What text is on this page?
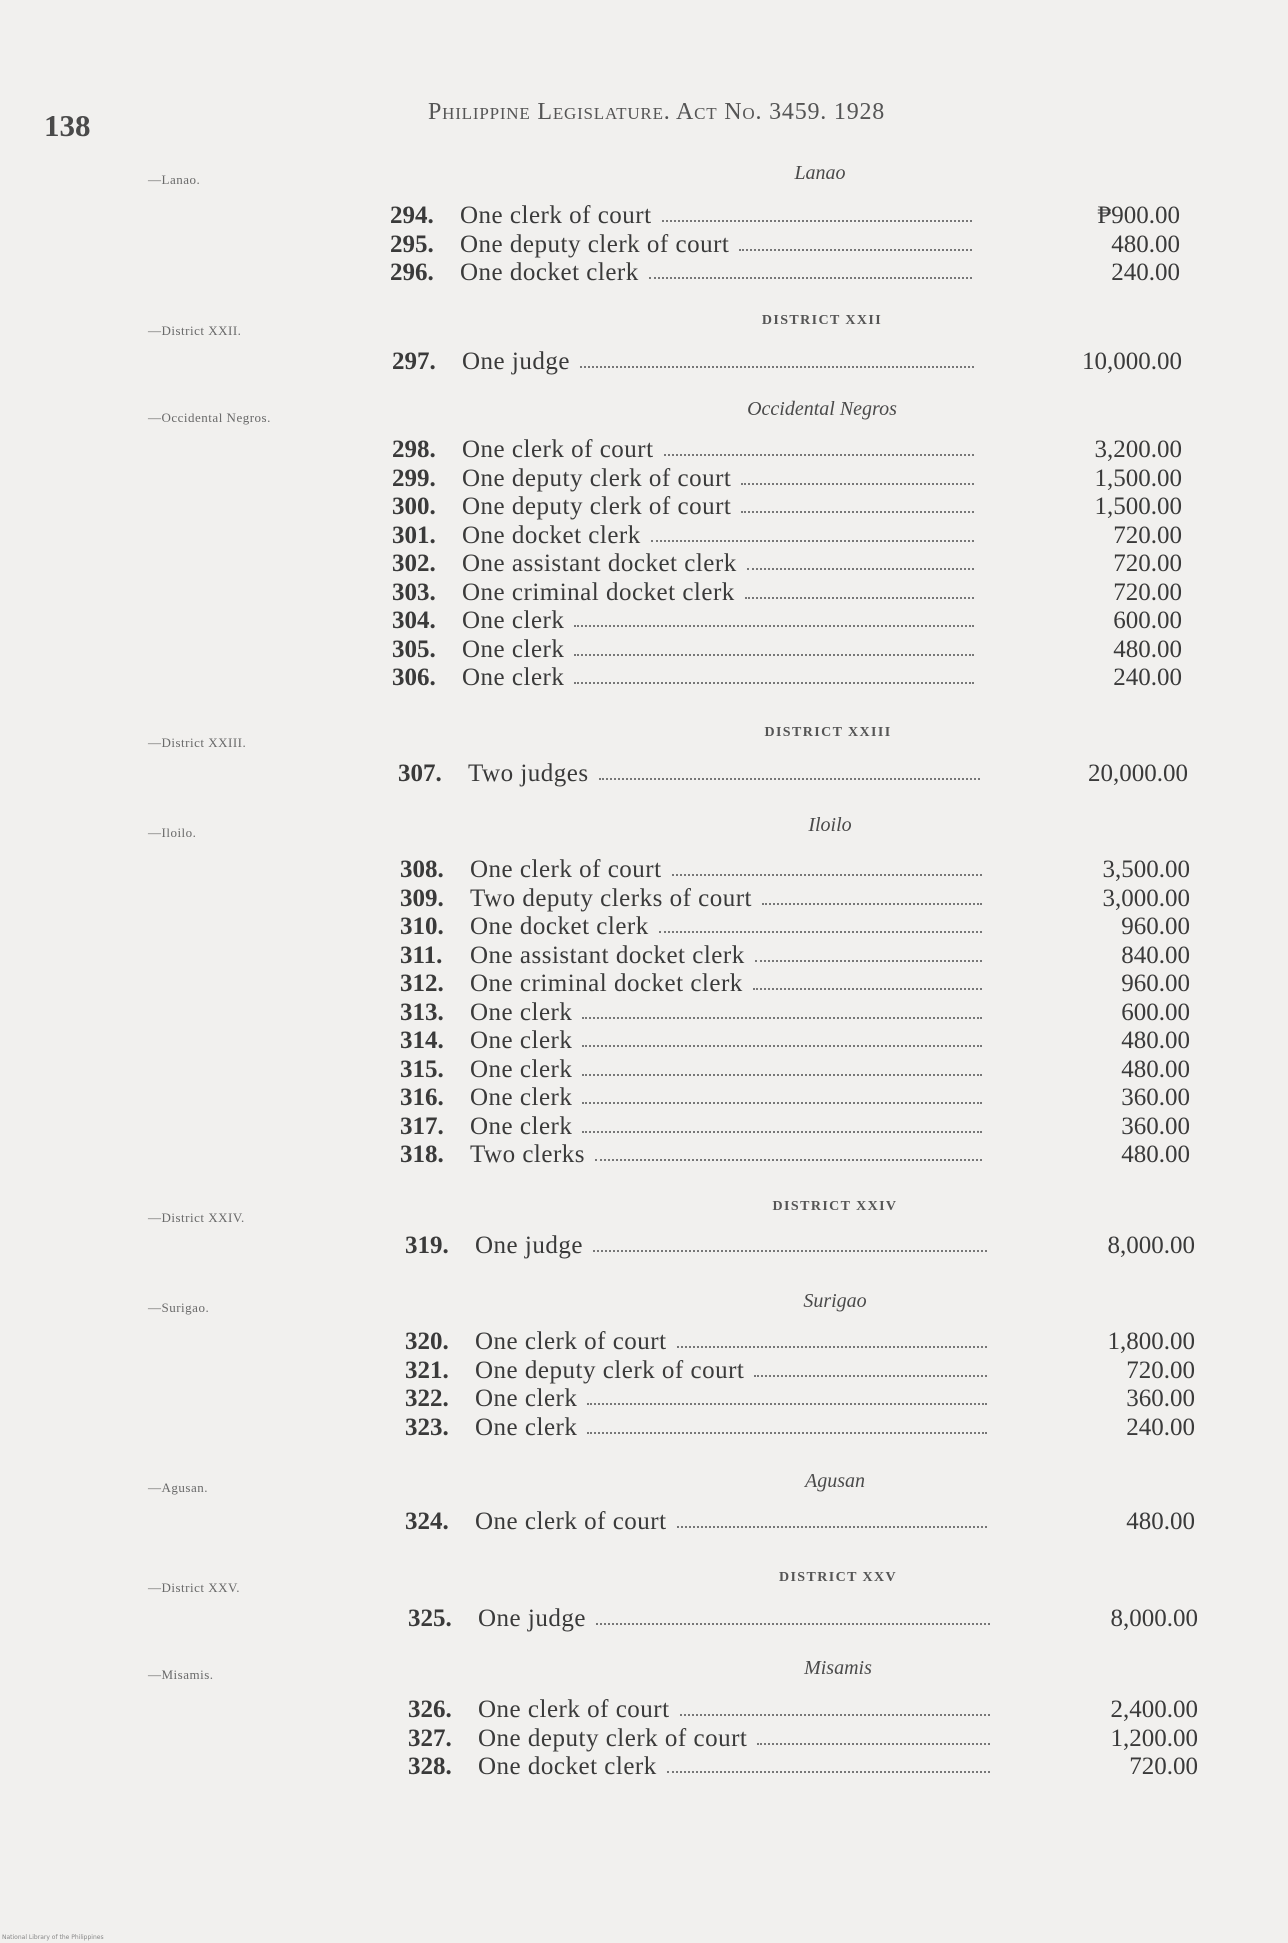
138	Philippine Legislature. Act No. 3459. 1928
—Lanao.	Lanao
294.	One clerk of court	₱900.00
295.	One deputy clerk of court	480.00
296.	One docket clerk	240.00
—District XXII.
DISTRICT XXII
297.	One judge	10,000.00
—Occidental Negros.	Occidental Negros
298.	One clerk of court	3,200.00
299.	One deputy clerk of court	1,500.00
300.	One deputy clerk of court	1,500.00
301.	One docket clerk	720.00
302.	One assistant docket clerk	720.00
303.	One criminal docket clerk	720.00
304.	One clerk	600.00
305.	One clerk	480.00
306.	One clerk	240.00
—District XXIII.
DISTRICT XXIII
307.	Two judges	20,000.00
—Iloilo.	Iloilo
308.	One clerk of court	3,500.00
309.	Two deputy clerks of court	3,000.00
310.	One docket clerk	960.00
311.	One assistant docket clerk	840.00
312.	One criminal docket clerk	960.00
313.	One clerk	600.00
314.	One clerk	480.00
315.	One clerk	480.00
316.	One clerk	360.00
317.	One clerk	360.00
318.	Two clerks	480.00
—District XXIV.
DISTRICT XXIV
319.	One judge	8,000.00
—Surigao.	Surigao
320.	One clerk of court	1,800.00
321.	One deputy clerk of court	720.00
322.	One clerk	360.00
323.	One clerk	240.00
—Agusan.	Agusan
324.	One clerk of court	480.00
—District XXV.
DISTRICT XXV
325.	One judge	8,000.00
—Misamis.	Misamis
326.	One clerk of court	2,400.00
327.	One deputy clerk of court	1,200.00
328.	One docket clerk	720.00
National Library of the Philippines
